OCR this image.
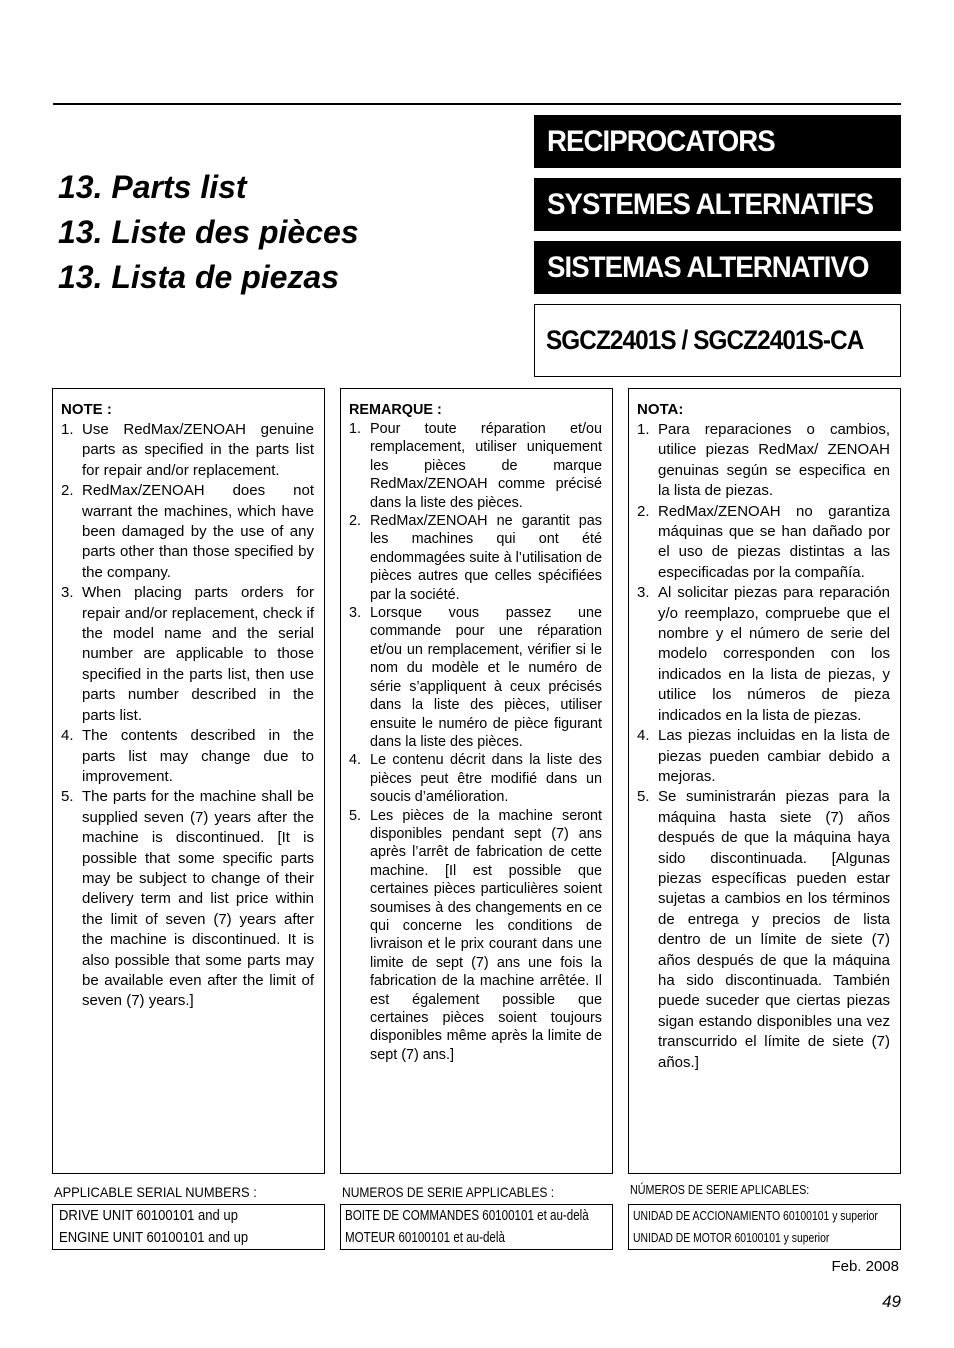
13. Parts list
13. Liste des pièces
13. Lista de piezas
RECIPROCATORS
SYSTEMES ALTERNATIFS
SISTEMAS ALTERNATIVO
SGCZ2401S / SGCZ2401S-CA
NOTE :
1. Use RedMax/ZENOAH genuine parts as specified in the parts list for repair and/or replacement.
2. RedMax/ZENOAH does not warrant the machines, which have been damaged by the use of any parts other than those specified by the company.
3. When placing parts orders for repair and/or replacement, check if the model name and the serial number are applicable to those specified in the parts list, then use parts number described in the parts list.
4. The contents described in the parts list may change due to improvement.
5. The parts for the machine shall be supplied seven (7) years after the machine is discontinued. [It is possible that some specific parts may be subject to change of their delivery term and list price within the limit of seven (7) years after the machine is discontinued. It is also possible that some parts may be available even after the limit of seven (7) years.]
REMARQUE :
1. Pour toute réparation et/ou remplacement, utiliser uniquement les pièces de marque RedMax/ZENOAH comme précisé dans la liste des pièces.
2. RedMax/ZENOAH ne garantit pas les machines qui ont été endommagées suite à l’utilisation de pièces autres que celles spécifiées par la société.
3. Lorsque vous passez une commande pour une réparation et/ou un remplacement, vérifier si le nom du modèle et le numéro de série s’appliquent à ceux précisés dans la liste des pièces, utiliser ensuite le numéro de pièce figurant dans la liste des pièces.
4. Le contenu décrit dans la liste des pièces peut être modifié dans un soucis d’amélioration.
5. Les pièces de la machine seront disponibles pendant sept (7) ans après l’arrêt de fabrication de cette machine. [Il est possible que certaines pièces particulières soient soumises à des changements en ce qui concerne les conditions de livraison et le prix courant dans une limite de sept (7) ans une fois la fabrication de la machine arrêtée. Il est également possible que certaines pièces soient toujours disponibles même après la limite de sept (7) ans.]
NOTA:
1. Para reparaciones o cambios, utilice piezas RedMax/ ZENOAH genuinas según se especifica en la lista de piezas.
2. RedMax/ZENOAH no garantiza máquinas que se han dañado por el uso de piezas distintas a las especificadas por la compañía.
3. Al solicitar piezas para reparación y/o reemplazo, compruebe que el nombre y el número de serie del modelo corresponden con los indicados en la lista de piezas, y utilice los números de pieza indicados en la lista de piezas.
4. Las piezas incluidas en la lista de piezas pueden cambiar debido a mejoras.
5. Se suministrarán piezas para la máquina hasta siete (7) años después de que la máquina haya sido discontinuada. [Algunas piezas específicas pueden estar sujetas a cambios en los términos de entrega y precios de lista dentro de un límite de siete (7) años después de que la máquina ha sido discontinuada. También puede suceder que ciertas piezas sigan estando disponibles una vez transcurrido el límite de siete (7) años.]
APPLICABLE SERIAL NUMBERS :	NUMEROS DE SERIE APPLICABLES :	NÚMEROS DE SERIE APLICABLES:
DRIVE UNIT 60100101 and up
ENGINE UNIT 60100101 and up
BOITE DE COMMANDES 60100101 et au-delà
MOTEUR 60100101 et au-delà
UNIDAD DE ACCIONAMIENTO 60100101 y superior
UNIDAD DE MOTOR 60100101 y superior
Feb. 2008
49
